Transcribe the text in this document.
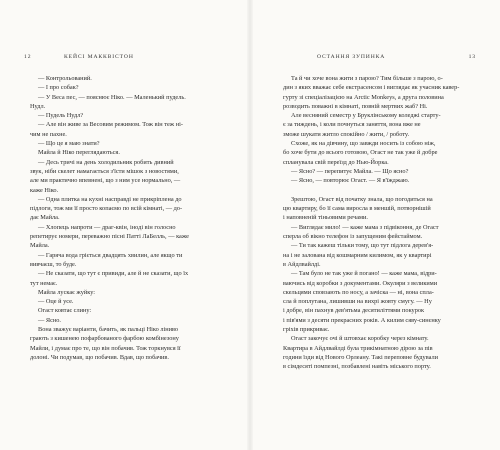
12	КЕЙСІ МАККВІСТОН
— Контрольований.
— І про собак?
— У Веса пес, — пояснює Ніко. — Маленький пудель.
Нудл.
— Пудель Нудл?
— Але він живе за Весовим режимом. Тож він теж ні-
чим не пахне.
— Що це я маю знати?
Майла й Ніко переглядаються.
— Десь тричі на день холодильник робить дивний
звук, ніби скелет намагається з'їсти мішок з новостями,
але ми практично впевнені, що з ним усе нормально, —
каже Ніко.
— Одна плитка на кухні насправді не прикріплена до
підлоги, тож ми її просто копаємо по всій кімнаті, — до-
дає Майла.
— Хлопець напроти — драг-квін, іноді він голосно
репетирує номери, переважно пісні Патті ЛаБелль, — каже
Майла.
— Гаряча вода гріється двадцять хвилин, але якщо ти
вивчаєш, то буде.
— Не сказати, що тут є привиди, але й не сказати, що їх
тут немає.
Майла лускає жуйку:
— Оце й усе.
Огаст ковтає слину:
— Ясно.
Вона зважує варіанти, бачить, як пальці Ніко ліниво
грають з кишенею пофарбованого фарбою комбінезону
Майли, і думає про те, що він побачив. Тож торкнувся її
долоні. Чи подумав, що побачив. Вдав, що побачив.
ОСТАННЯ ЗУПИНКА	13
Та й чи хоче вона жити з парою? Тим більше з парою, о-
дин з яких вважає себе екстрасенсом і виглядає як учасник кавер-
гурту зі спеціалізацією на Arctic Monkeys, а друга половина
розводить поважні в кімнаті, повній мертвих жаб? Ні.
Але весняний семестр у Бруклінському коледжі старту-
є за тиждень, і коли почнуться заняття, вона вже не
зможе шукати житло спокійно / жити, / роботу.
Схоже, як на дівчину, що завжди носить із собою ніж,
бо хоче бути до всього готовою, Огаст не так уже й добре
спланувала свій переїзд до Нью-Йорка.
— Ясно? — перепитує Майла. — Що ясно?
— Ясно, — повторює Огаст. — Я в'їжджаю.
Зрештою, Огаст від початку знала, що погодиться на
цю квартиру, бо її сама виросла в меншій, потворнішій
і наповненій тіньовими речами.
— Виглядає мило! — каже мама з підвіконня, де Огаст
сперла об вікно телефон із запущеним фейстаймом.
— Ти так кажеш тільки тому, що тут підлога дерев'я-
на і не залована від кошмарним килимом, як у квартирі
в Айдлвайлді.
— Там було не так уже й погано! — каже мама, відри-
ваючись від коробки з документами. Окуляри з великими
скельцями сповзають по носу, а зачіска — ні, вона спла-
сла й поплутана, лишивши на вихрі жовту смугу. — Ну
і добре, він пахнув дев'ятьма десятиліттями покурок
і пів'ями з десяти прекрасних років. А килим сяву-синєнку
гріхів прикриває.
Огаст закочує очі й штовхає коробку через кімнату.
Квартира в Айдлвайлді була трикімнатною дірою за пів
години їзди від Нового Орлеану. Такі переповне будували
в сімдесяті помпезні, позбавлені навіть міського порту.
